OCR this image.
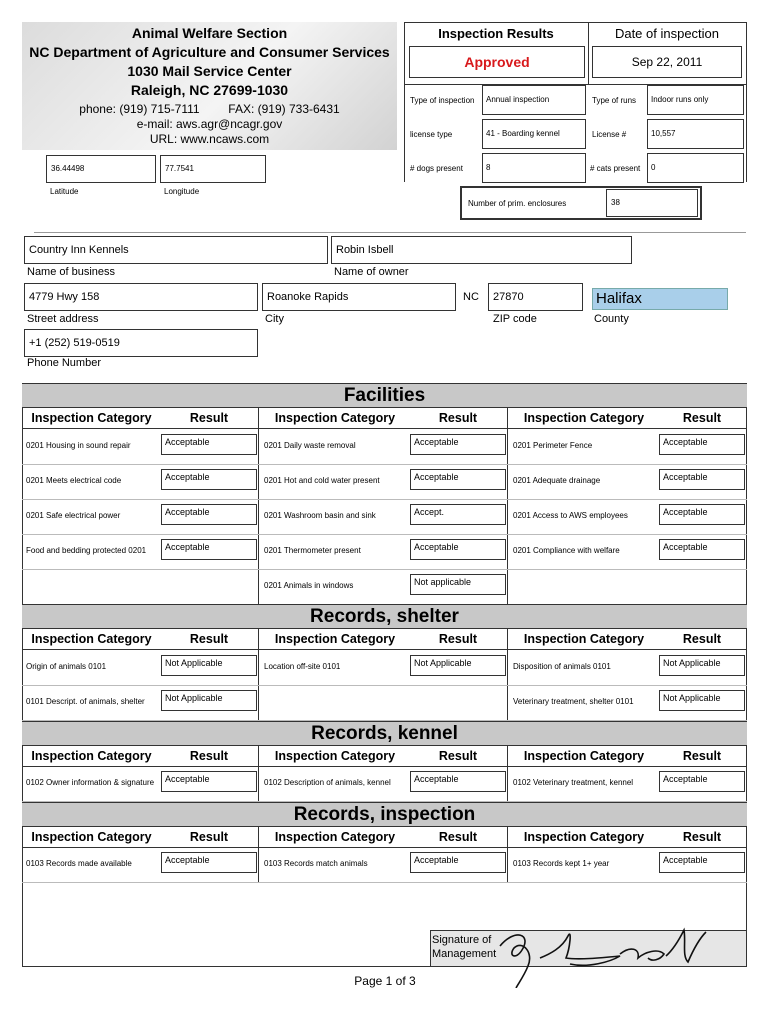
Animal Welfare Section
NC Department of Agriculture and Consumer Services
1030 Mail Service Center
Raleigh, NC 27699-1030
phone: (919) 715-7111 FAX: (919) 733-6431
e-mail: aws.agr@ncagr.gov
URL: www.ncaws.com
Inspection Results
Approved
Date of inspection
Sep 22, 2011
Type of inspection	Annual inspection	Type of runs	Indoor runs only
license type	41 - Boarding kennel	License #	10,557
# dogs present	8	# cats present	0
Number of prim. enclosures	38
36.44498
Latitude
77.7541
Longitude
Country Inn Kennels
Name of business
Robin Isbell
Name of owner
4779 Hwy 158
Street address
Roanoke Rapids
City
NC	27870
ZIP code
Halifax
County
+1 (252) 519-0519
Phone Number
Facilities
Inspection Category	Result	Inspection Category	Result	Inspection Category	Result
0201 Housing in sound repair	Acceptable	0201 Daily waste removal	Acceptable	0201 Perimeter Fence	Acceptable
0201 Meets electrical code	Acceptable	0201 Hot and cold water present	Acceptable	0201 Adequate drainage	Acceptable
0201 Safe electrical power	Acceptable	0201 Washroom basin and sink	Accept.	0201 Access to AWS employees	Acceptable
Food and bedding protected 0201	Acceptable	0201 Thermometer present	Acceptable	0201 Compliance with welfare	Acceptable
0201 Animals in windows	Not applicable
Records, shelter
Inspection Category	Result	Inspection Category	Result	Inspection Category	Result
Origin of animals 0101	Not Applicable	Location off-site 0101	Not Applicable	Disposition of animals 0101	Not Applicable
0101 Descript. of animals, shelter	Not Applicable	Veterinary treatment, shelter 0101	Not Applicable
Records, kennel
Inspection Category	Result	Inspection Category	Result	Inspection Category	Result
0102 Owner information & signature	Acceptable	0102 Description of animals, kennel	Acceptable	0102 Veterinary treatment, kennel	Acceptable
Records, inspection
Inspection Category	Result	Inspection Category	Result	Inspection Category	Result
0103 Records made available	Acceptable	0103 Records match animals	Acceptable	0103 Records kept 1+ year	Acceptable
Signature of
Management
Page 1 of 3
